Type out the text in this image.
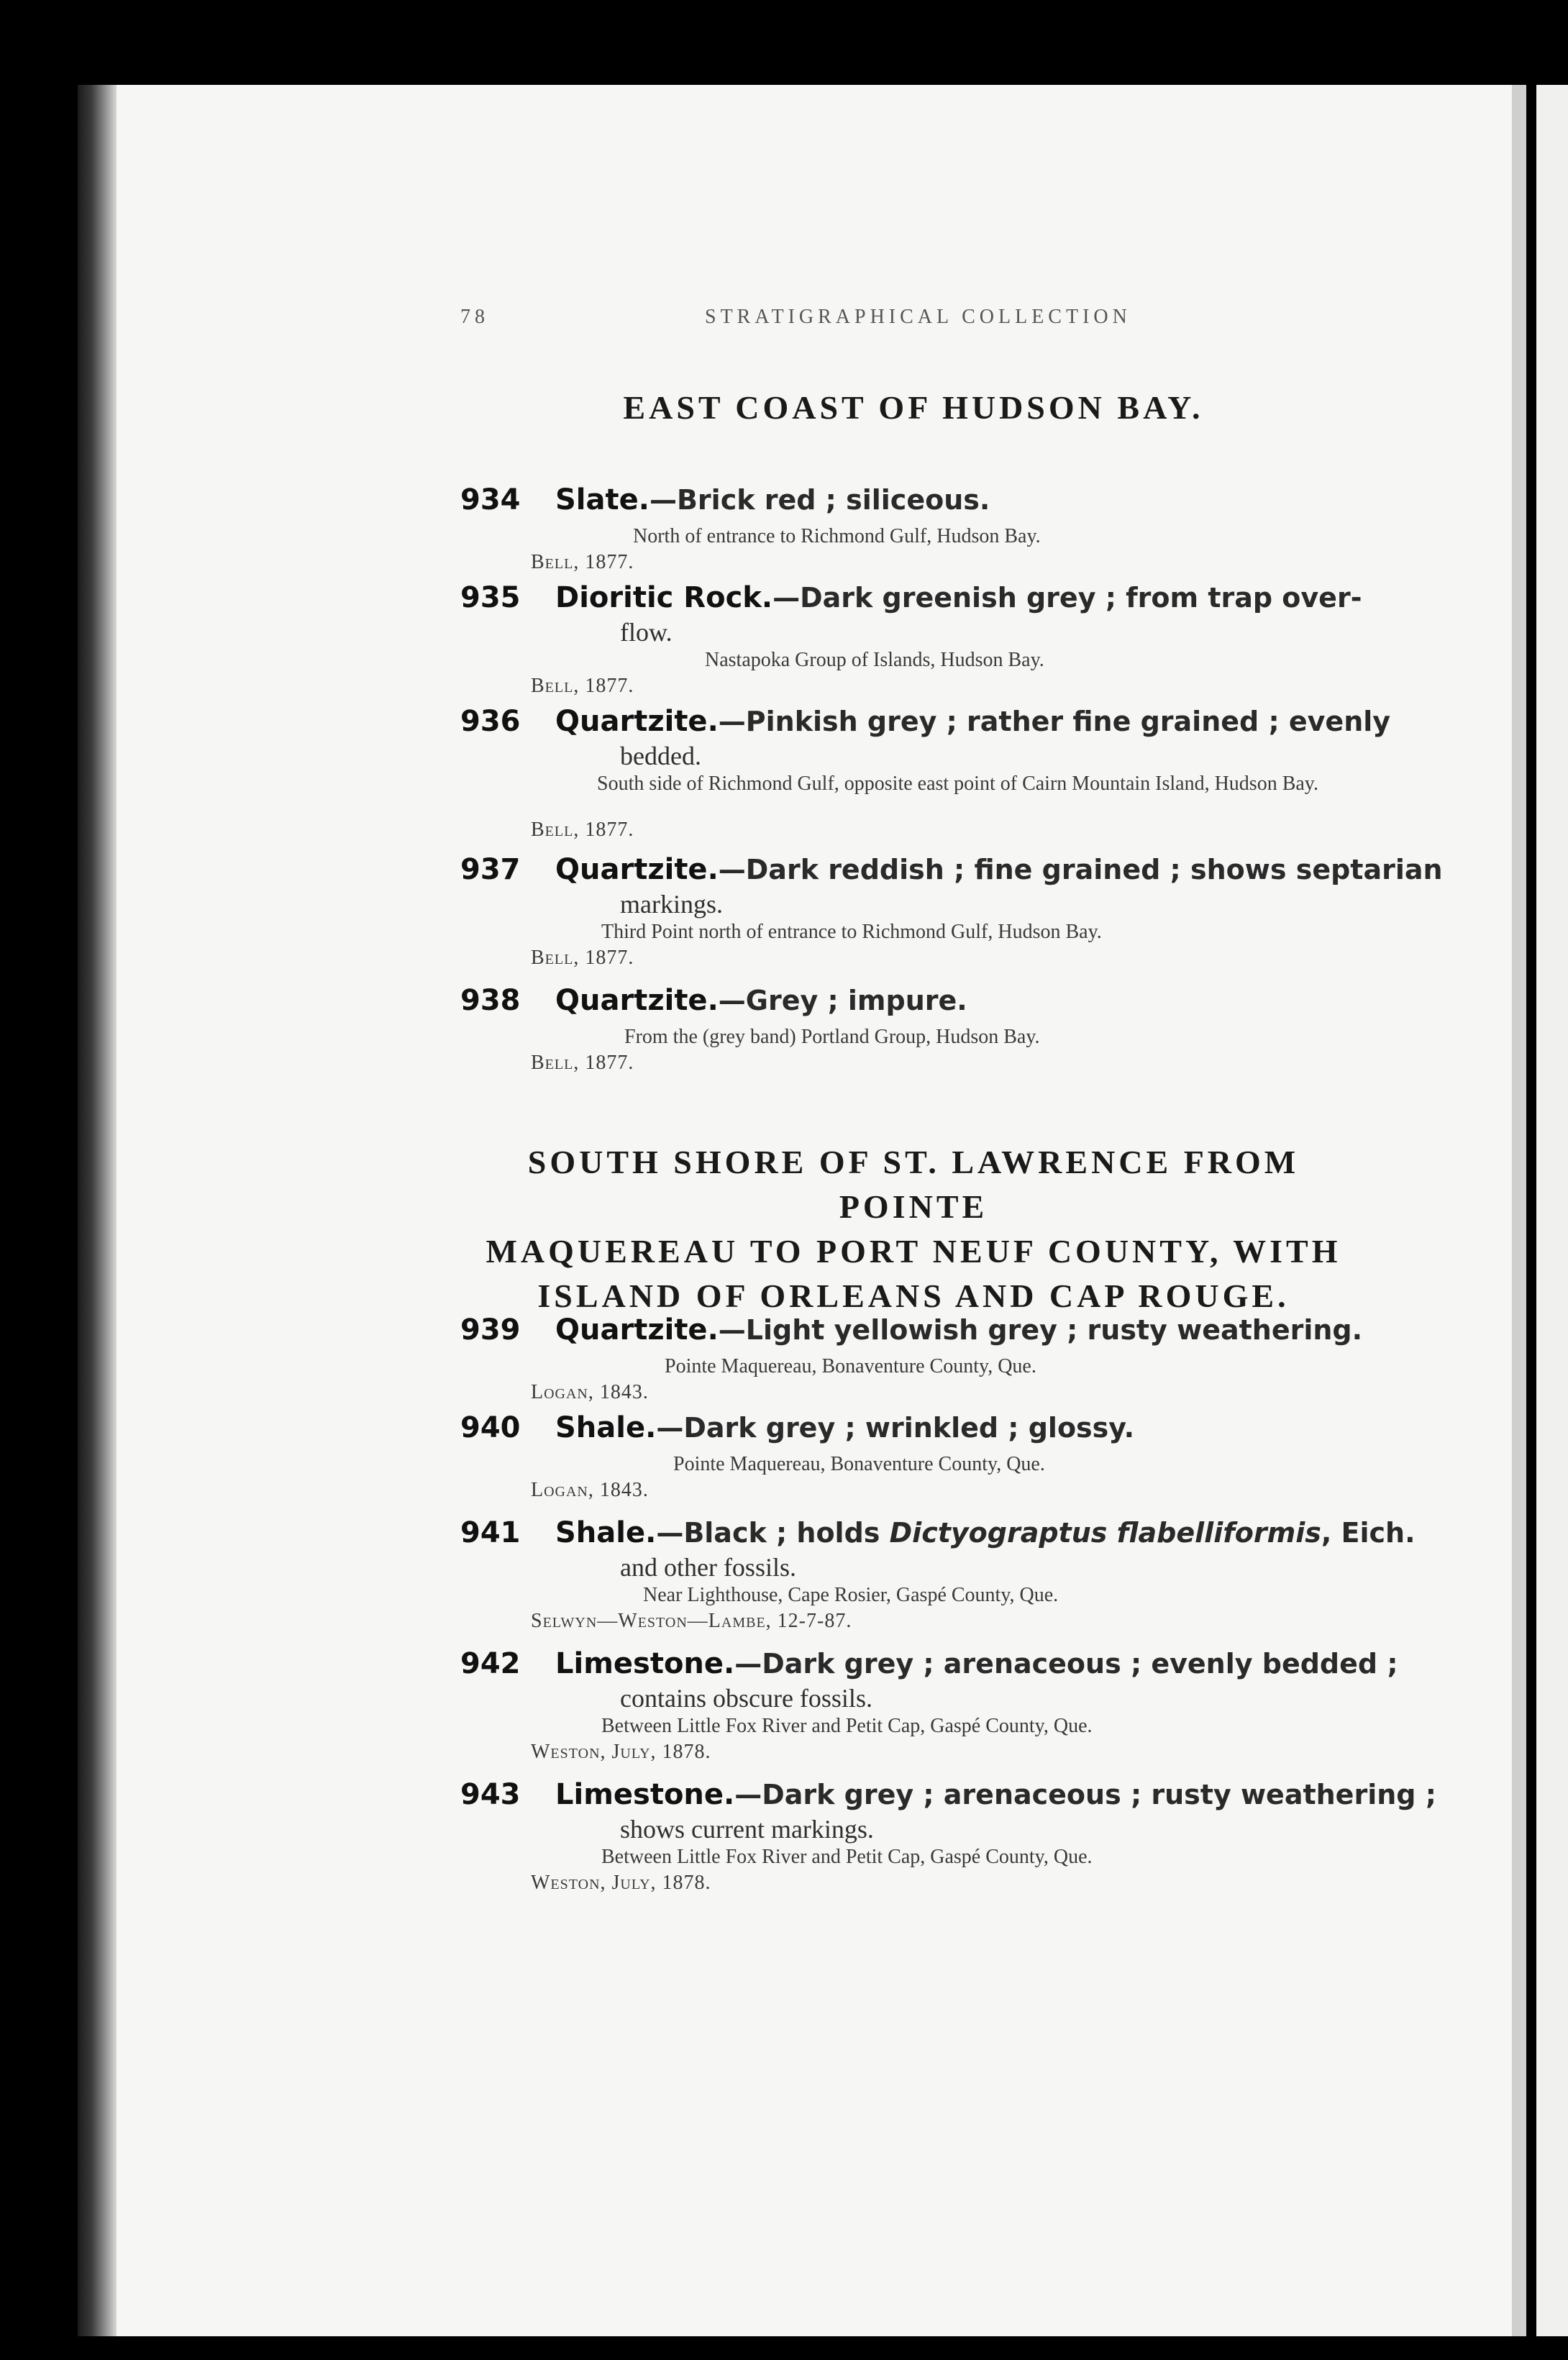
78	STRATIGRAPHICAL COLLECTION
EAST COAST OF HUDSON BAY.
934 Slate.—Brick red ; siliceous.
North of entrance to Richmond Gulf, Hudson Bay.
Bell, 1877.
935 Dioritic Rock.—Dark greenish grey ; from trap over-
flow.
Nastapoka Group of Islands, Hudson Bay.
Bell, 1877.
936 Quartzite.—Pinkish grey ; rather fine grained ; evenly
bedded.
South side of Richmond Gulf, opposite east point of Cairn Mountain Island, Hudson Bay.
Bell, 1877.
937 Quartzite.—Dark reddish ; fine grained ; shows septarian
markings.
Third Point north of entrance to Richmond Gulf, Hudson Bay.
Bell, 1877.
938 Quartzite.—Grey ; impure.
From the (grey band) Portland Group, Hudson Bay.
Bell, 1877.
SOUTH SHORE OF ST. LAWRENCE FROM POINTE
MAQUEREAU TO PORT NEUF COUNTY, WITH
ISLAND OF ORLEANS AND CAP ROUGE.
939 Quartzite.—Light yellowish grey ; rusty weathering.
Pointe Maquereau, Bonaventure County, Que.
Logan, 1843.
940 Shale.—Dark grey ; wrinkled ; glossy.
Pointe Maquereau, Bonaventure County, Que.
Logan, 1843.
941 Shale.—Black ; holds Dictyograptus flabelliformis, Eich.
and other fossils.
Near Lighthouse, Cape Rosier, Gaspé County, Que.
Selwyn—Weston—Lambe, 12-7-87.
942 Limestone.—Dark grey ; arenaceous ; evenly bedded ;
contains obscure fossils.
Between Little Fox River and Petit Cap, Gaspé County, Que.
Weston, July, 1878.
943 Limestone.—Dark grey ; arenaceous ; rusty weathering ;
shows current markings.
Between Little Fox River and Petit Cap, Gaspé County, Que.
Weston, July, 1878.
